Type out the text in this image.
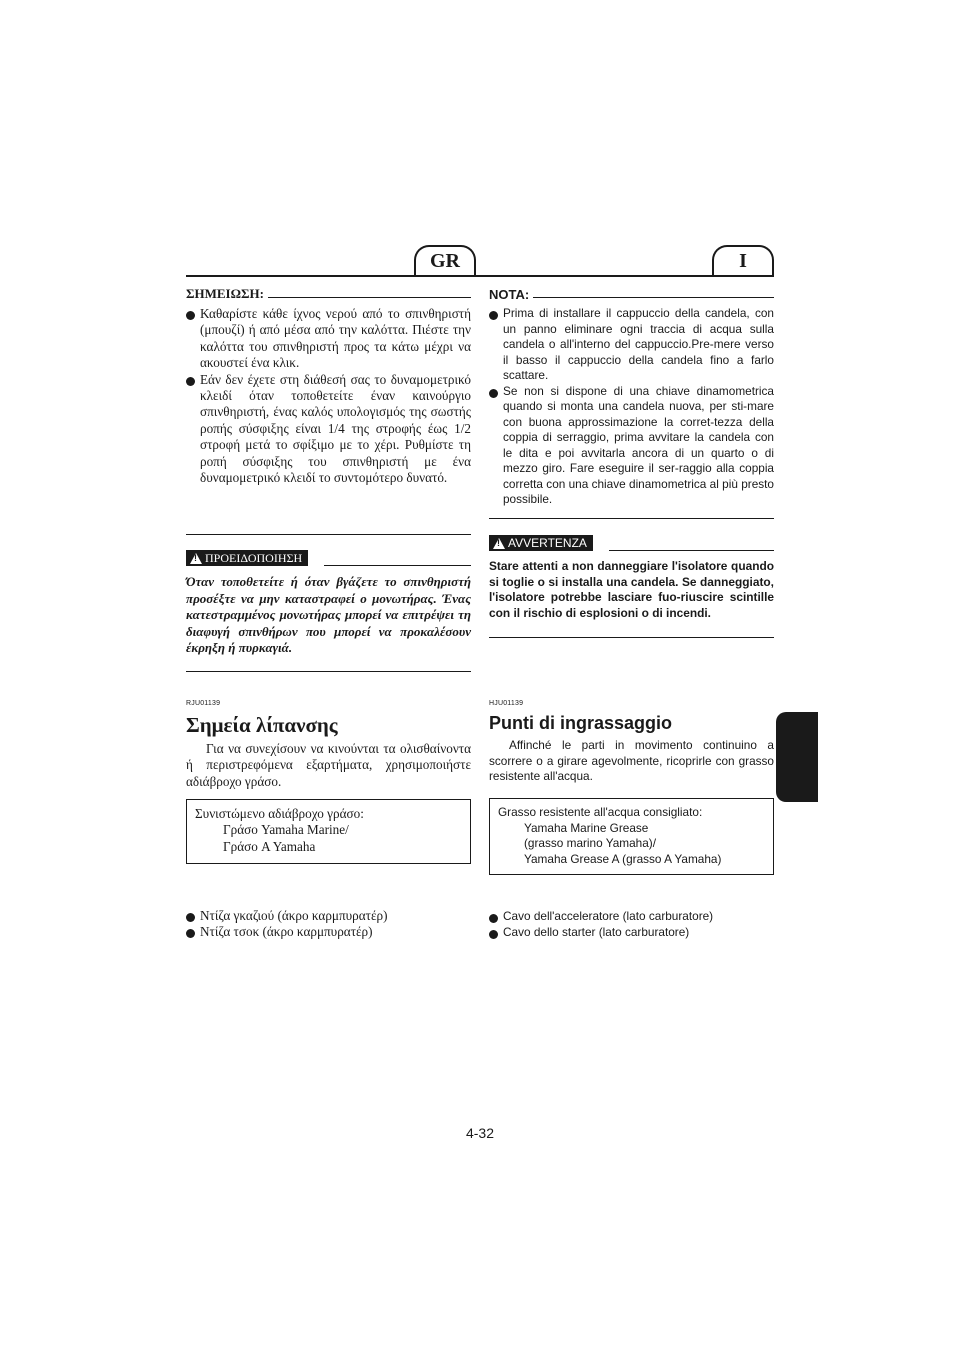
GR	I
ΣΗΜΕΙΩΣΗ:
Καθαρίστε κάθε ίχνος νερού από το σπινθηριστή (μπουζί) ή από μέσα από την καλόττα. Πιέστε την καλόττα του σπινθηριστή προς τα κάτω μέχρι να ακουστεί ένα κλικ.
Εάν δεν έχετε στη διάθεσή σας το δυναμομετρικό κλειδί όταν τοποθετείτε έναν καινούργιο σπινθηριστή, ένας καλός υπολογισμός της σωστής ροπής σύσφιξης είναι 1/4 της στροφής έως 1/2 στροφή μετά το σφίξιμο με το χέρι. Ρυθμίστε τη ροπή σύσφιξης του σπινθηριστή με ένα δυναμομετρικό κλειδί το συντομότερο δυνατό.
!
ΠΡΟΕΙΔΟΠΟΙΗΣΗ
Όταν τοποθετείτε ή όταν βγάζετε το σπινθηριστή προσέξτε να μην καταστραφεί ο μονωτήρας. Ένας κατεστραμμένος μονωτήρας μπορεί να επιτρέψει τη διαφυγή σπινθήρων που μπορεί να προκαλέσουν έκρηξη ή πυρκαγιά.
RJU01139
Σημεία λίπανσης
Για να συνεχίσουν να κινούνται τα ολισθαίνοντα ή περιστρεφόμενα εξαρτήματα, χρησιμοποιήστε αδιάβροχο γράσο.
Συνιστώμενο αδιάβροχο γράσο:
Γράσο Yamaha Marine/
Γράσο A Yamaha
Ντίζα γκαζιού (άκρο καρμπυρατέρ)
Ντίζα τσοκ (άκρο καρμπυρατέρ)
NOTA:
Prima di installare il cappuccio della candela, con un panno eliminare ogni traccia di acqua sulla candela o all'interno del cappuccio.Pre-mere verso il basso il cappuccio della candela fino a farlo scattare.
Se non si dispone di una chiave dinamometrica quando si monta una candela nuova, per sti-mare con buona approssimazione la corret-tezza della coppia di serraggio, prima avvitare la candela con le dita e poi avvitarla ancora di un quarto o di mezzo giro. Fare eseguire il ser-raggio alla coppia corretta con una chiave dinamometrica al più presto possibile.
!
AVVERTENZA
Stare attenti a non danneggiare l'isolatore quando si toglie o si installa una candela. Se danneggiato, l'isolatore potrebbe lasciare fuo-riuscire scintille con il rischio di esplosioni o di incendi.
HJU01139
Punti di ingrassaggio
Affinché le parti in movimento continuino a scorrere o a girare agevolmente, ricoprirle con grasso resistente all'acqua.
Grasso resistente all'acqua consigliato:
Yamaha Marine Grease
(grasso marino Yamaha)/
Yamaha Grease A (grasso A Yamaha)
Cavo dell'acceleratore (lato carburatore)
Cavo dello starter (lato carburatore)
4-32
